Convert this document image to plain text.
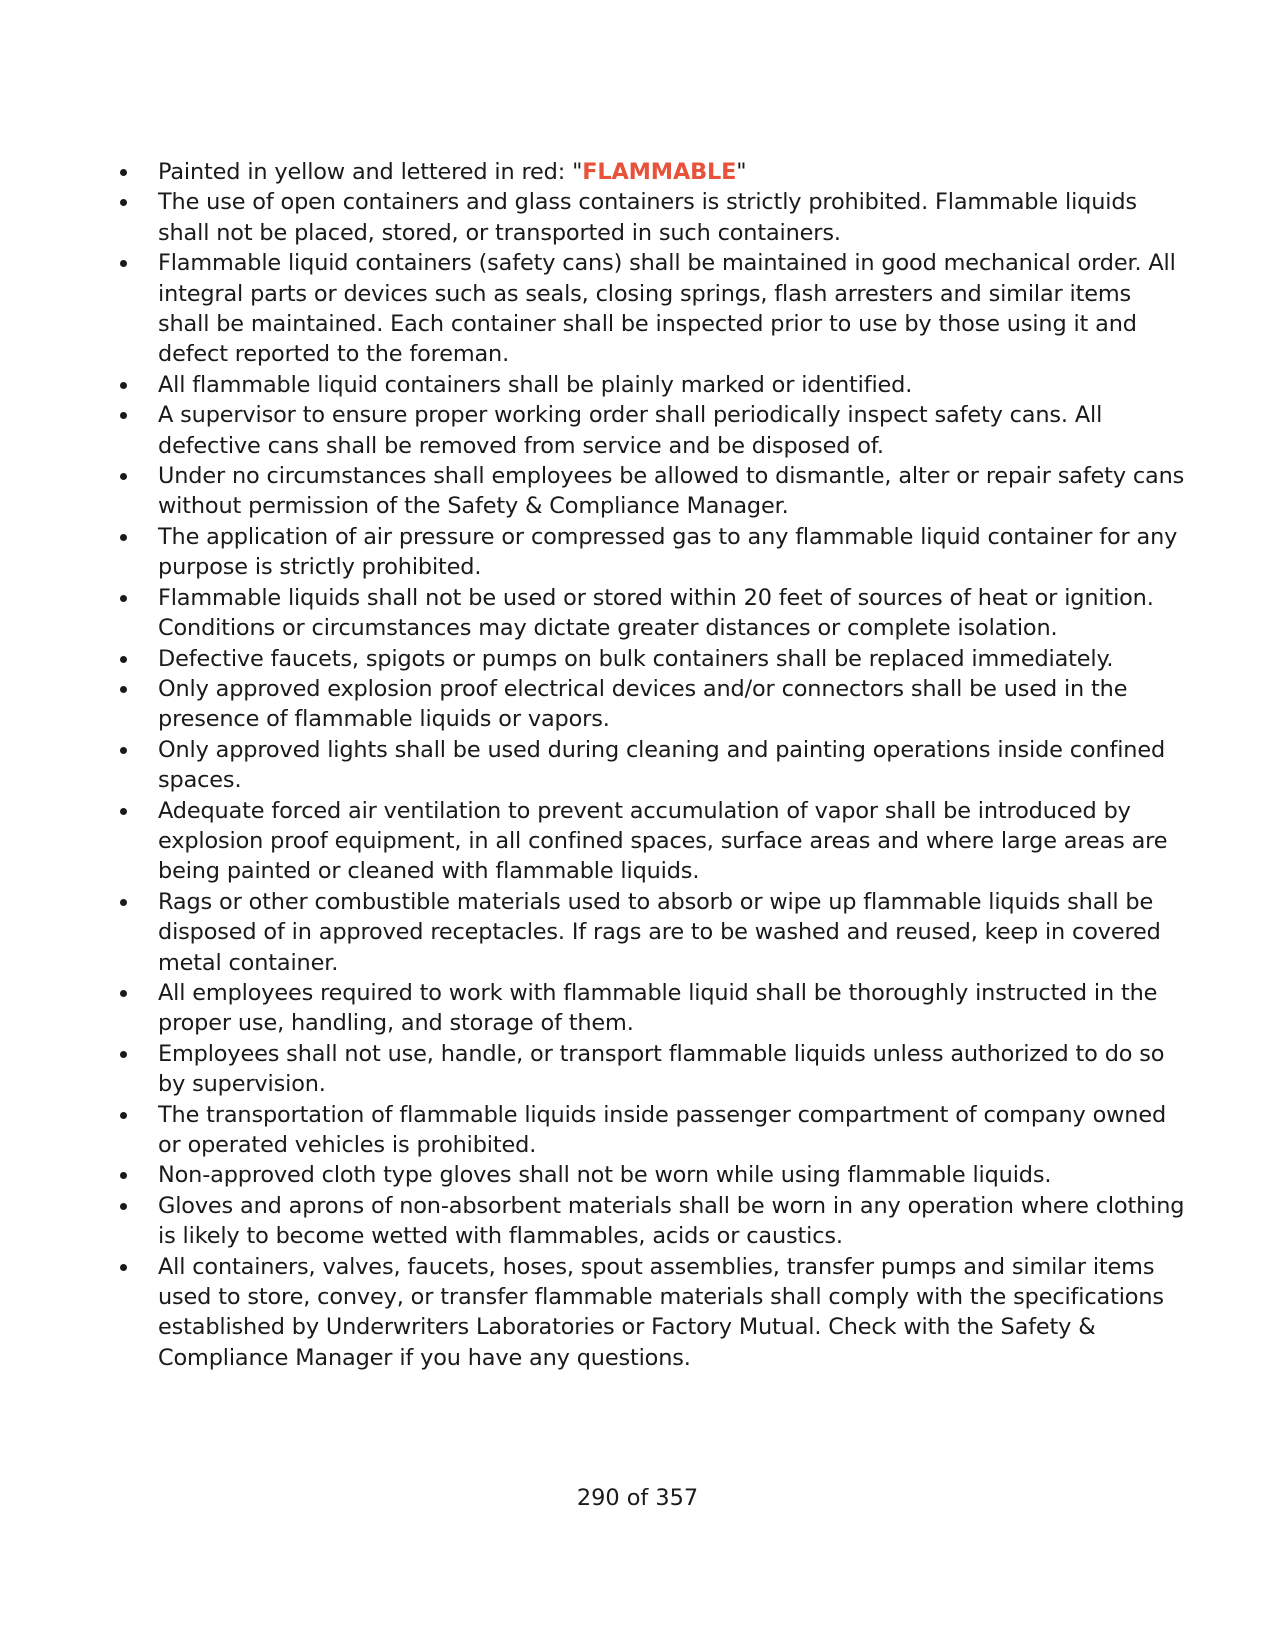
Painted in yellow and lettered in red: "FLAMMABLE"
The use of open containers and glass containers is strictly prohibited. Flammable liquids shall not be placed, stored, or transported in such containers.
Flammable liquid containers (safety cans) shall be maintained in good mechanical order. All integral parts or devices such as seals, closing springs, flash arresters and similar items shall be maintained. Each container shall be inspected prior to use by those using it and defect reported to the foreman.
All flammable liquid containers shall be plainly marked or identified.
A supervisor to ensure proper working order shall periodically inspect safety cans. All defective cans shall be removed from service and be disposed of.
Under no circumstances shall employees be allowed to dismantle, alter or repair safety cans without permission of the Safety & Compliance Manager.
The application of air pressure or compressed gas to any flammable liquid container for any purpose is strictly prohibited.
Flammable liquids shall not be used or stored within 20 feet of sources of heat or ignition. Conditions or circumstances may dictate greater distances or complete isolation.
Defective faucets, spigots or pumps on bulk containers shall be replaced immediately.
Only approved explosion proof electrical devices and/or connectors shall be used in the presence of flammable liquids or vapors.
Only approved lights shall be used during cleaning and painting operations inside confined spaces.
Adequate forced air ventilation to prevent accumulation of vapor shall be introduced by explosion proof equipment, in all confined spaces, surface areas and where large areas are being painted or cleaned with flammable liquids.
Rags or other combustible materials used to absorb or wipe up flammable liquids shall be disposed of in approved receptacles. If rags are to be washed and reused, keep in covered metal container.
All employees required to work with flammable liquid shall be thoroughly instructed in the proper use, handling, and storage of them.
Employees shall not use, handle, or transport flammable liquids unless authorized to do so by supervision.
The transportation of flammable liquids inside passenger compartment of company owned or operated vehicles is prohibited.
Non-approved cloth type gloves shall not be worn while using flammable liquids.
Gloves and aprons of non-absorbent materials shall be worn in any operation where clothing is likely to become wetted with flammables, acids or caustics.
All containers, valves, faucets, hoses, spout assemblies, transfer pumps and similar items used to store, convey, or transfer flammable materials shall comply with the specifications established by Underwriters Laboratories or Factory Mutual. Check with the Safety & Compliance Manager if you have any questions.
290 of 357
